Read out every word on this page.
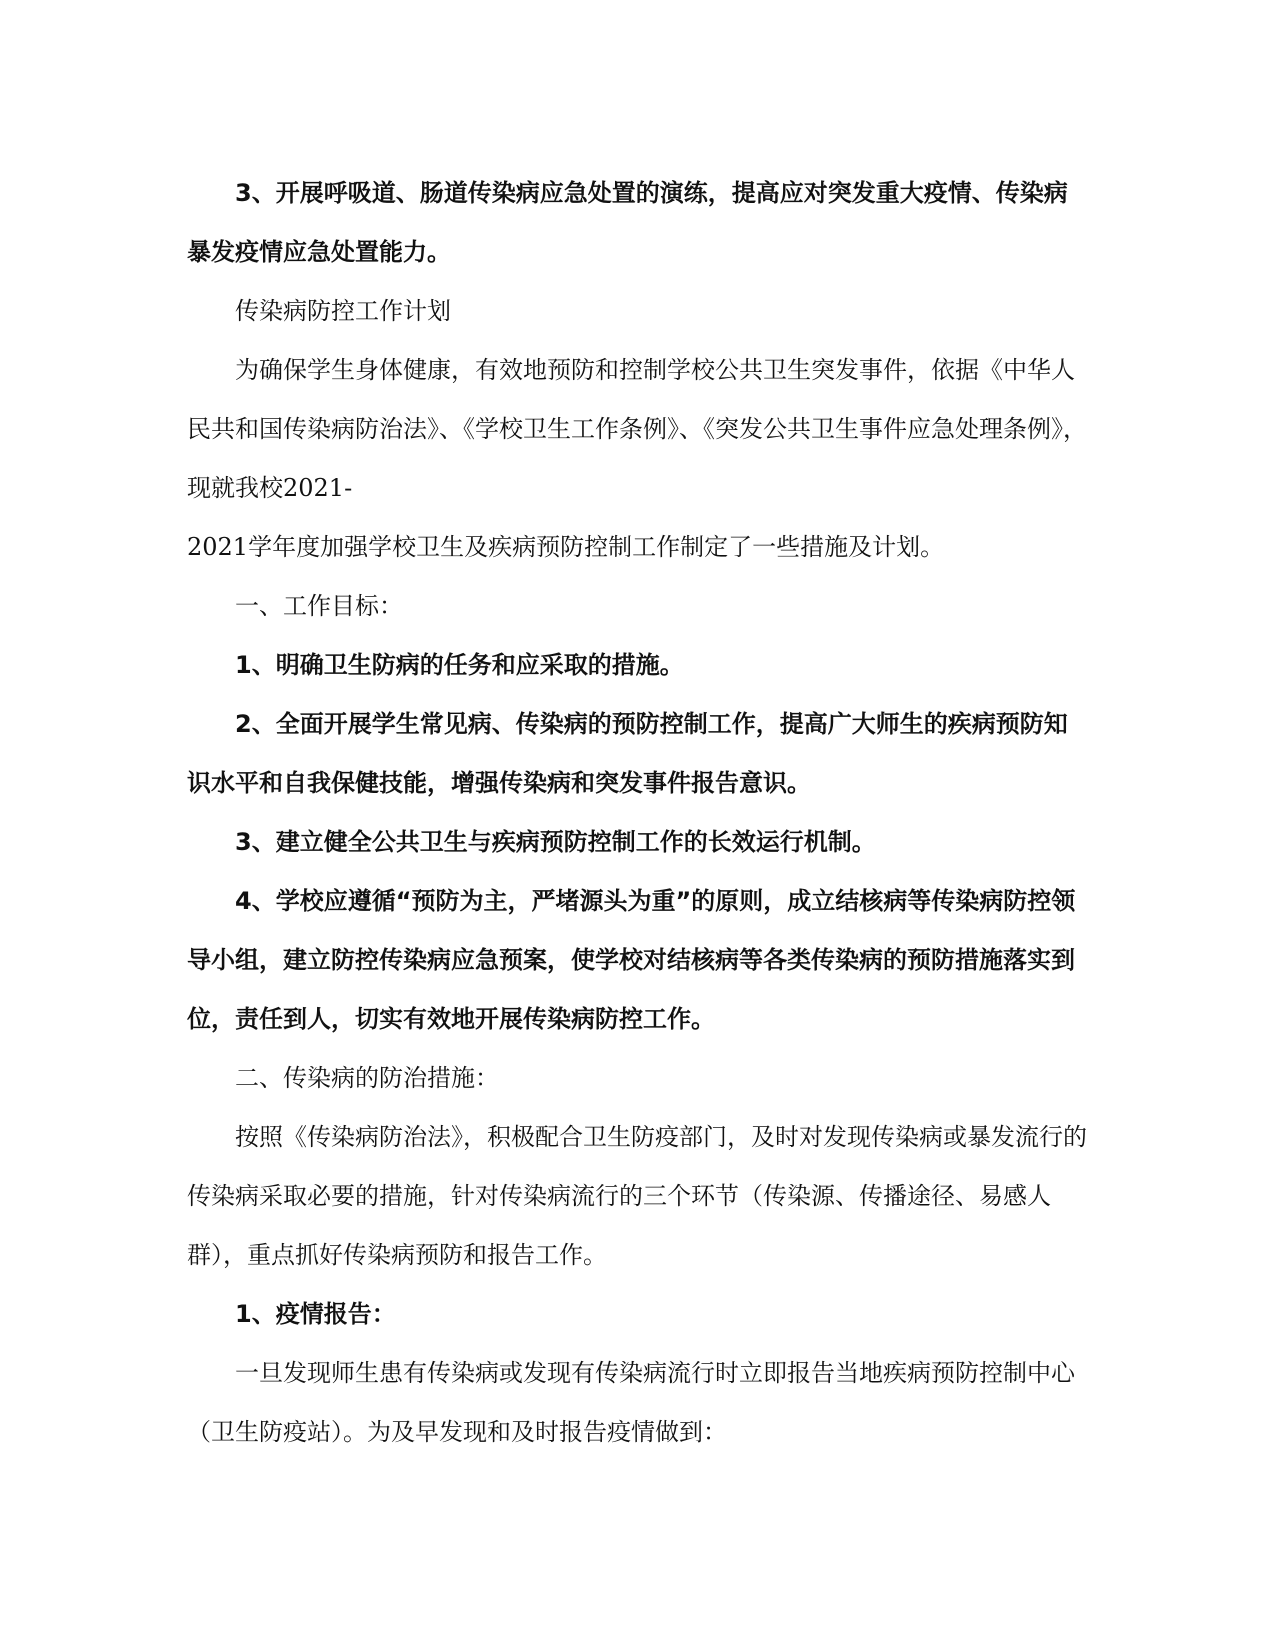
3、开展呼吸道、肠道传染病应急处置的演练，提高应对突发重大疫情、传染病暴发疫情应急处置能力。

传染病防控工作计划

为确保学生身体健康，有效地预防和控制学校公共卫生突发事件，依据《中华人民共和国传染病防治法》、《学校卫生工作条例》、《突发公共卫生事件应急处理条例》，现就我校2021-

2021学年度加强学校卫生及疾病预防控制工作制定了一些措施及计划。

一、工作目标：

1、明确卫生防病的任务和应采取的措施。

2、全面开展学生常见病、传染病的预防控制工作，提高广大师生的疾病预防知识水平和自我保健技能，增强传染病和突发事件报告意识。

3、建立健全公共卫生与疾病预防控制工作的长效运行机制。

4、学校应遵循“预防为主，严堵源头为重”的原则，成立结核病等传染病防控领导小组，建立防控传染病应急预案，使学校对结核病等各类传染病的预防措施落实到位，责任到人，切实有效地开展传染病防控工作。

二、传染病的防治措施：

按照《传染病防治法》，积极配合卫生防疫部门，及时对发现传染病或暴发流行的传染病采取必要的措施，针对传染病流行的三个环节（传染源、传播途径、易感人群），重点抓好传染病预防和报告工作。

1、疫情报告：

一旦发现师生患有传染病或发现有传染病流行时立即报告当地疾病预防控制中心（卫生防疫站）。为及早发现和及时报告疫情做到：
